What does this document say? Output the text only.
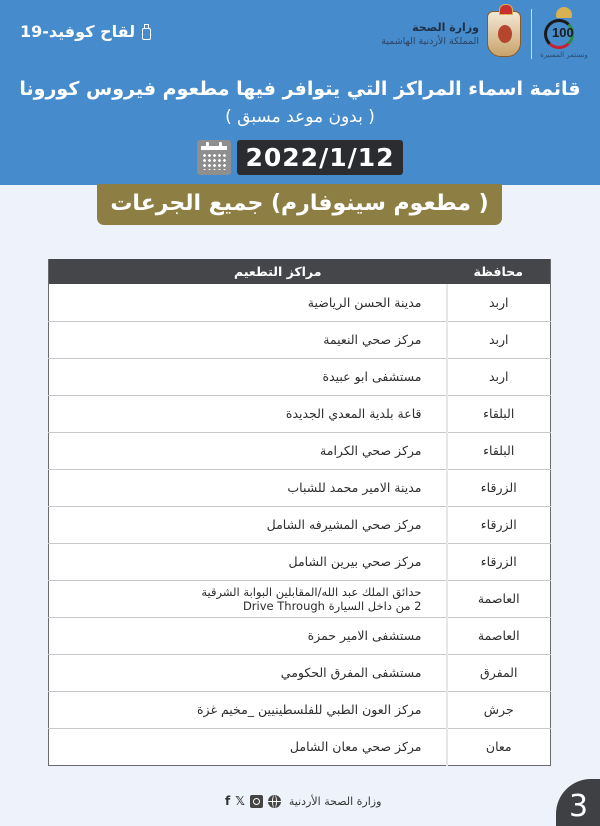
لقاح كوفيد-19	وزارة الصحة
المملكة الأردنية الهاشمية
100
ونستمر المسيرة
قائمة اسماء المراكز التي يتوافر فيها مطعوم فيروس كورونا
( بدون موعد مسبق )
2022/1/12
( مطعوم سينوفارم) جميع الجرعات
محافظة	مراكز التطعيم
اربد	مدينة الحسن الرياضية
اربد	مركز صحي النعيمة
اربد	مستشفى ابو عبيدة
البلقاء	قاعة بلدية المعدي الجديدة
البلقاء	مركز صحي الكرامة
الزرقاء	مدينة الامير محمد للشباب
الزرقاء	مركز صحي المشيرفه الشامل
الزرقاء	مركز صحي بيرين الشامل
العاصمة	حدائق الملك عبد الله/المقابلين البوابة الشرقية
2 من داخل السيارة Drive Through

العاصمة	مستشفى الامير حمزة
المفرق	مستشفى المفرق الحكومي
جرش	مركز العون الطبي للفلسطينيين _مخيم غزة
معان	مركز صحي معان الشامل
f 𝕏	وزارة الصحة الأردنية	3
